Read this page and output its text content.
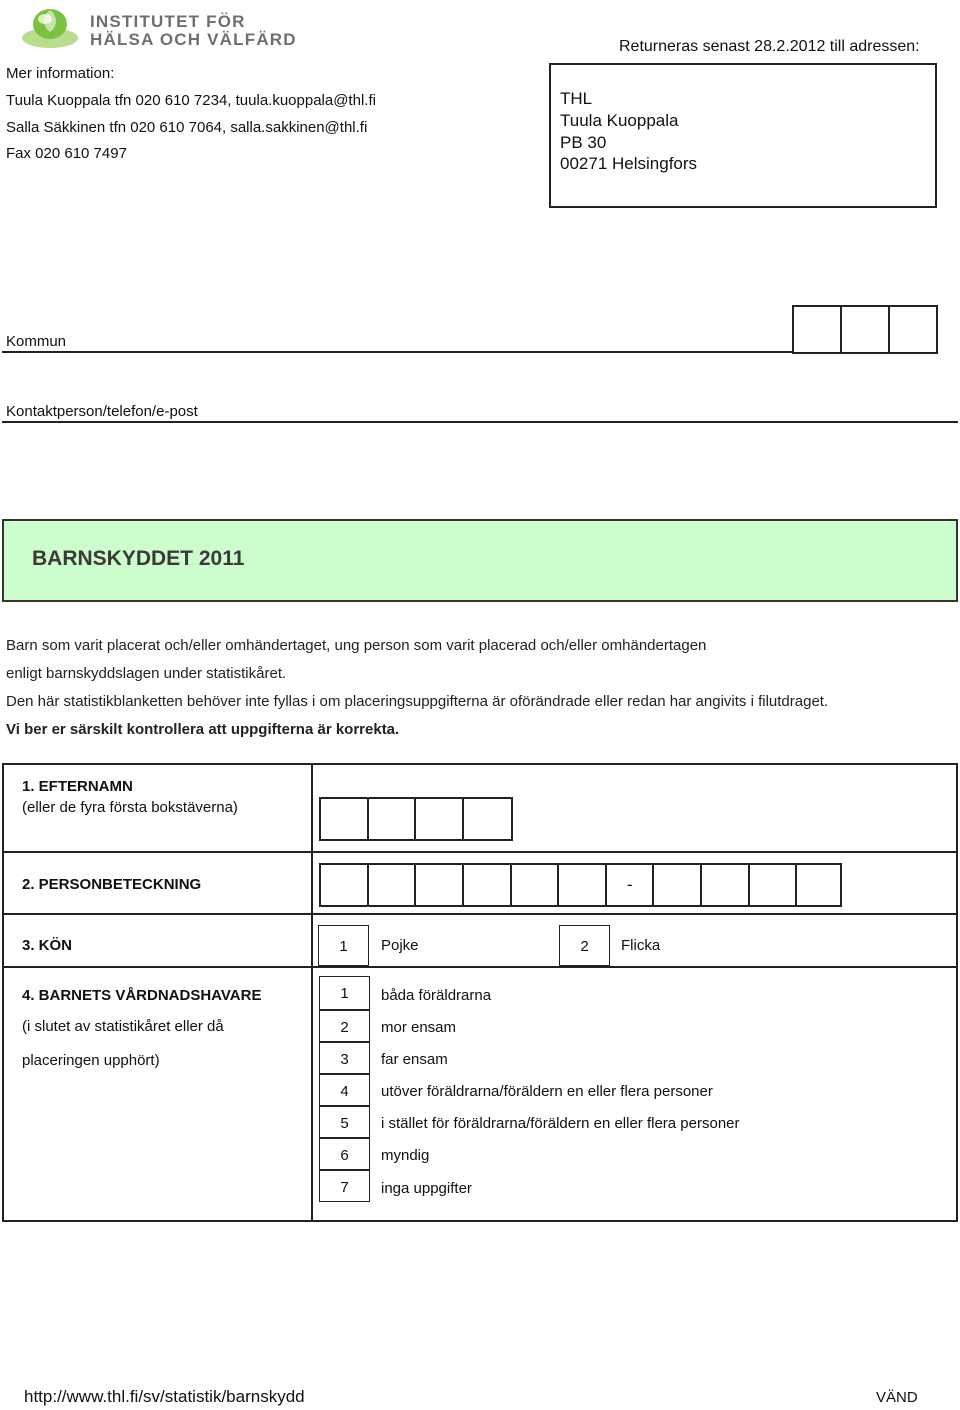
INSTITUTET FÖR
HÄLSA OCH VÄLFÄRD
Mer information:
Tuula Kuoppala tfn 020 610 7234, tuula.kuoppala@thl.fi
Salla Säkkinen tfn 020 610 7064, salla.sakkinen@thl.fi
Fax 020 610 7497
Returneras senast 28.2.2012 till adressen:
THL
Tuula Kuoppala
PB 30
00271 Helsingfors
Kommun
Kontaktperson/telefon/e-post
BARNSKYDDET 2011
Barn som varit placerat och/eller omhändertaget, ung person som varit placerad och/eller omhändertagen
enligt barnskyddslagen under statistikåret.
Den här statistikblanketten behöver inte fyllas i om placeringsuppgifterna är oförändrade eller redan har angivits i filutdraget.
Vi ber er särskilt kontrollera att uppgifterna är korrekta.
1. EFTERNAMN
(eller de fyra första bokstäverna)
2. PERSONBETECKNING	-
3. KÖN	1	Pojke	2	Flicka
4. BARNETS VÅRDNADSHAVARE
(i slutet av statistikåret eller då
placeringen upphört)
1	båda föräldrarna
2	mor ensam
3	far ensam
4	utöver föräldrarna/föräldern en eller flera personer
5	i stället för föräldrarna/föräldern en eller flera personer
6	myndig
7	inga uppgifter
http://www.thl.fi/sv/statistik/barnskydd	VÄND
